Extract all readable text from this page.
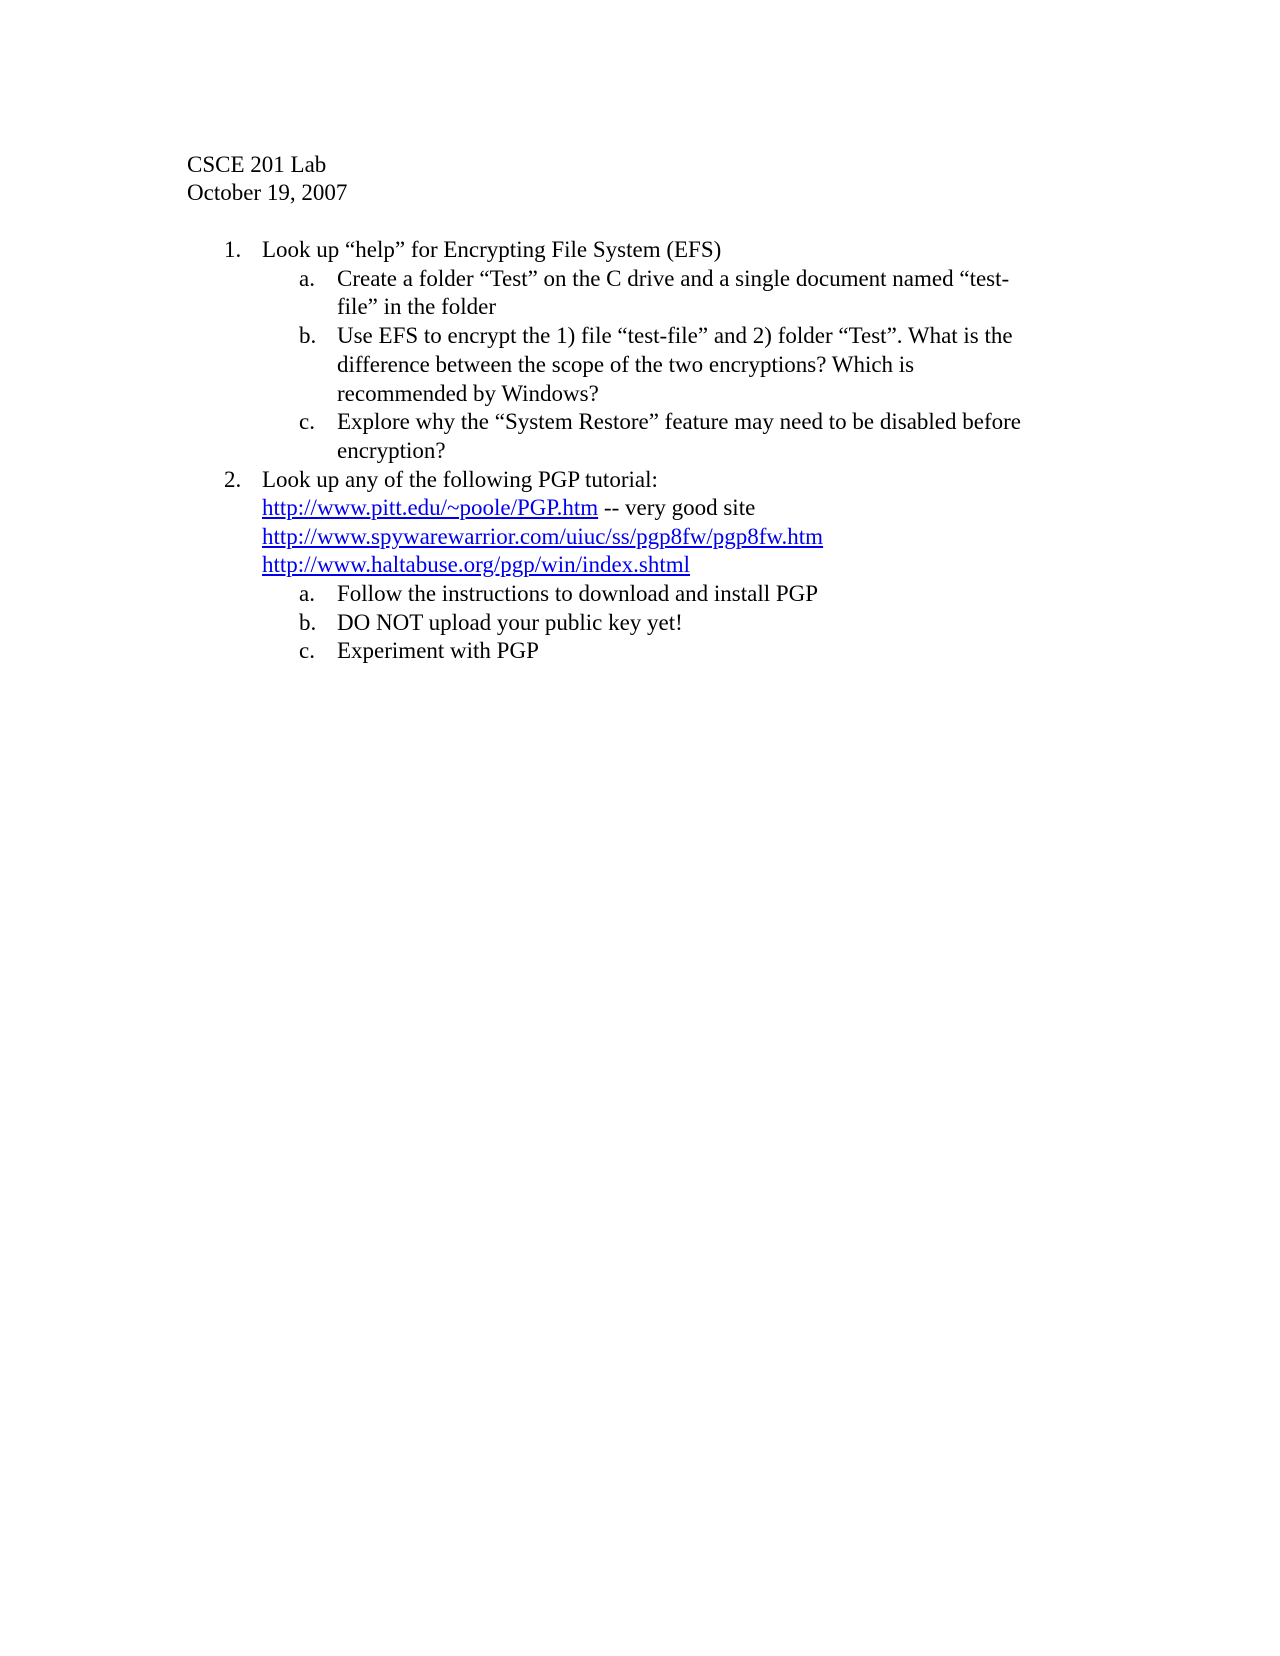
CSCE 201 Lab
October 19, 2007
1. Look up “help” for Encrypting File System (EFS)
a. Create a folder “Test” on the C drive and a single document named “test-
file” in the folder
b. Use EFS to encrypt the 1) file “test-file” and 2) folder “Test”. What is the
difference between the scope of the two encryptions? Which is
recommended by Windows?
c. Explore why the “System Restore” feature may need to be disabled before
encryption?
2. Look up any of the following PGP tutorial:
http://www.pitt.edu/~poole/PGP.htm -- very good site
http://www.spywarewarrior.com/uiuc/ss/pgp8fw/pgp8fw.htm
http://www.haltabuse.org/pgp/win/index.shtml
a. Follow the instructions to download and install PGP
b. DO NOT upload your public key yet!
c. Experiment with PGP
